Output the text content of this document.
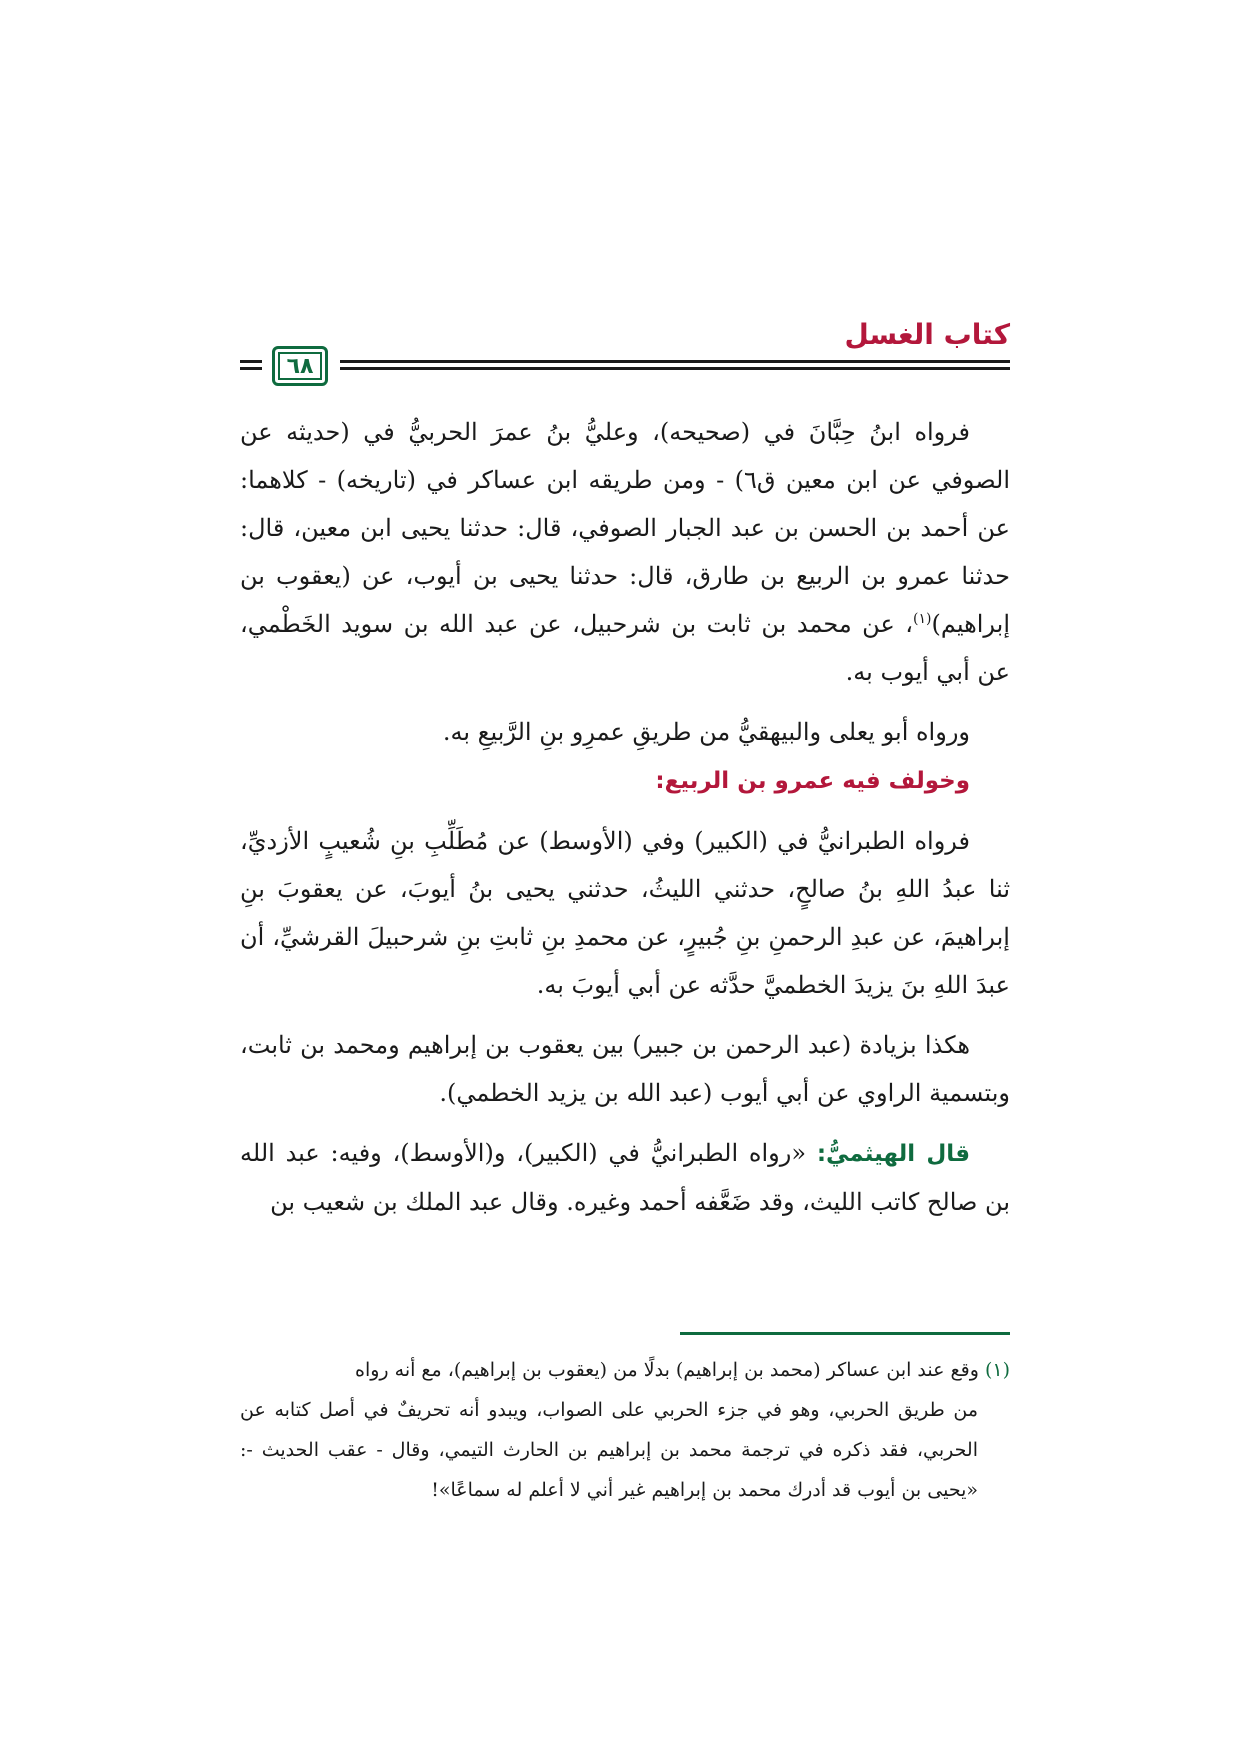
كتاب الغسل
٦٨

فرواه ابنُ حِبَّانَ في (صحيحه)، وعليُّ بنُ عمرَ الحربيُّ في (حديثه عن الصوفي عن ابن معين ق٦) - ومن طريقه ابن عساكر في (تاريخه) - كلاهما: عن أحمد بن الحسن بن عبد الجبار الصوفي، قال: حدثنا يحيى ابن معين، قال: حدثنا عمرو بن الربيع بن طارق، قال: حدثنا يحيى بن أيوب، عن (يعقوب بن إبراهيم)$^{(١)}$، عن محمد بن ثابت بن شرحبيل، عن عبد الله بن سويد الخَطْمي، عن أبي أيوب به.

ورواه أبو يعلى والبيهقيُّ من طريقِ عمرِو بنِ الرَّبيعِ به.

وخولف فيه عمرو بن الربيع:

فرواه الطبرانيُّ في (الكبير) وفي (الأوسط) عن مُطَلِّبِ بنِ شُعيبٍ الأزديِّ، ثنا عبدُ اللهِ بنُ صالحٍ، حدثني الليثُ، حدثني يحيى بنُ أيوبَ، عن يعقوبَ بنِ إبراهيمَ، عن عبدِ الرحمنِ بنِ جُبيرٍ، عن محمدِ بنِ ثابتِ بنِ شرحبيلَ القرشيِّ، أن عبدَ اللهِ بنَ يزيدَ الخطميَّ حدَّثه عن أبي أيوبَ به.

هكذا بزيادة (عبد الرحمن بن جبير) بين يعقوب بن إبراهيم ومحمد بن ثابت، وبتسمية الراوي عن أبي أيوب (عبد الله بن يزيد الخطمي).

قال الهيثميُّ: «رواه الطبرانيُّ في (الكبير)، و(الأوسط)، وفيه: عبد الله بن صالح كاتب الليث، وقد ضَعَّفه أحمد وغيره. وقال عبد الملك بن شعيب بن

(١) وقع عند ابن عساكر (محمد بن إبراهيم) بدلًا من (يعقوب بن إبراهيم)، مع أنه رواه

من طريق الحربي، وهو في جزء الحربي على الصواب، ويبدو أنه تحريفٌ في أصل كتابه عن الحربي، فقد ذكره في ترجمة محمد بن إبراهيم بن الحارث التيمي، وقال - عقب الحديث -: «يحيى بن أيوب قد أدرك محمد بن إبراهيم غير أني لا أعلم له سماعًا»!
